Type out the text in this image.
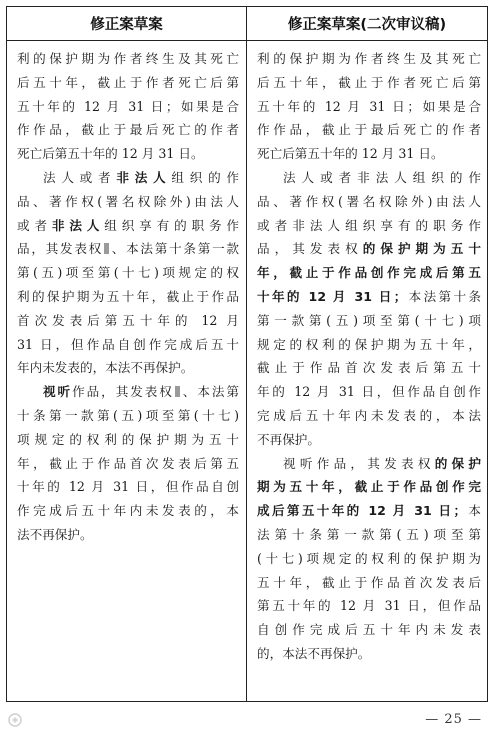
修正案草案	修正案草案(二次审议稿)
利的保护期为作者终生及其死亡
后五十年，截止于作者死亡后第
五十年的 12 月 31 日；如果是合
作作品，截止于最后死亡的作者
死亡后第五十年的 12 月 31 日。
法人或者非法人组织的作
品、著作权(署名权除外)由法人
或者非法人组织享有的职务作
品，其发表权 、本法第十条第一款
第(五)项至第(十七)项规定的权
利的保护期为五十年，截止于作品
首次发表后第五十年的 12 月
31 日，但作品自创作完成后五十
年内未发表的，本法不再保护。
视听作品，其发表权 、本法第
十条第一款第(五)项至第(十七)
项规定的权利的保护期为五十
年，截止于作品首次发表后第五
十年的 12 月 31 日，但作品自创
作完成后五十年内未发表的，本
法不再保护。
利的保护期为作者终生及其死亡
后五十年，截止于作者死亡后第
五十年的 12 月 31 日；如果是合
作作品，截止于最后死亡的作者
死亡后第五十年的 12 月 31 日。
法人或者非法人组织的作
品、著作权(署名权除外)由法人
或者非法人组织享有的职务作
品，其发表权的保护期为五十
年，截止于作品创作完成后第五
十年的 12 月 31 日；本法第十条
第一款第(五)项至第(十七)项
规定的权利的保护期为五十年，
截止于作品首次发表后第五十
年的 12 月 31 日，但作品自创作
完成后五十年内未发表的，本法
不再保护。
视听作品，其发表权的保护
期为五十年，截止于作品创作完
成后第五十年的 12 月 31 日；本
法第十条第一款第(五)项至第
(十七)项规定的权利的保护期为
五十年，截止于作品首次发表后
第五十年的 12 月 31 日，但作品
自创作完成后五十年内未发表
的，本法不再保护。
— 25 —
